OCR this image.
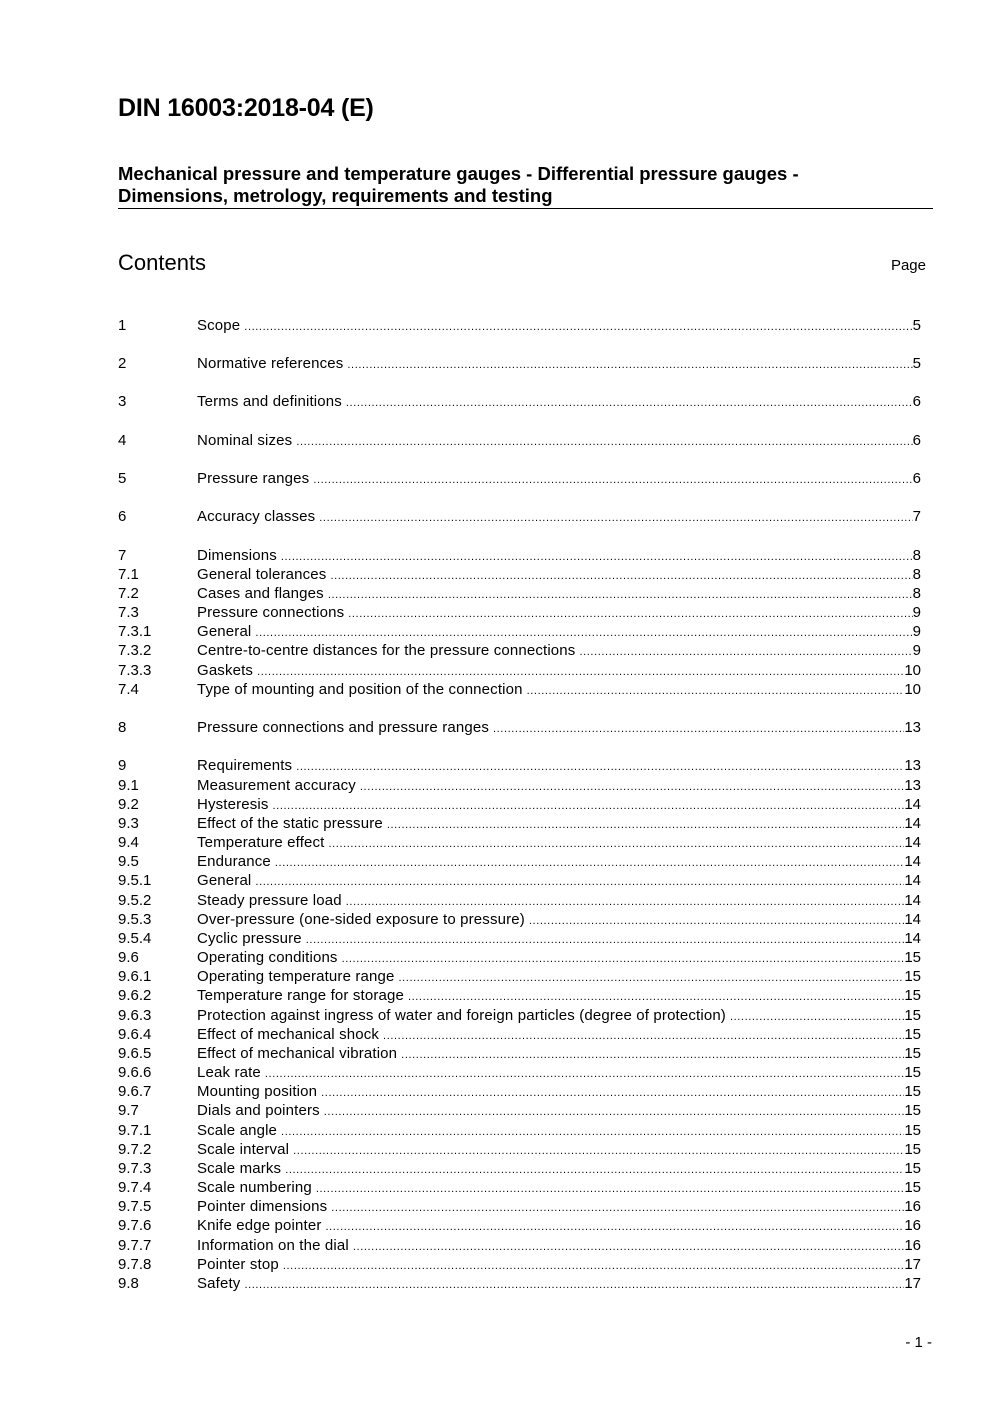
DIN 16003:2018-04 (E)
Mechanical pressure and temperature gauges - Differential pressure gauges -
Dimensions, metrology, requirements and testing
Contents	Page
1	Scope .....	5
2	Normative references .....	5
3	Terms and definitions .....	6
4	Nominal sizes .....	6
5	Pressure ranges .....	6
6	Accuracy classes .....	7
7	Dimensions .....	8
7.1	General tolerances .....	8
7.2	Cases and flanges .....	8
7.3	Pressure connections .....	9
7.3.1	General .....	9
7.3.2	Centre-to-centre distances for the pressure connections .....	9
7.3.3	Gaskets .....	10
7.4	Type of mounting and position of the connection .....	10
8	Pressure connections and pressure ranges .....	13
9	Requirements .....	13
9.1	Measurement accuracy .....	13
9.2	Hysteresis .....	14
9.3	Effect of the static pressure .....	14
9.4	Temperature effect .....	14
9.5	Endurance .....	14
9.5.1	General .....	14
9.5.2	Steady pressure load .....	14
9.5.3	Over-pressure (one-sided exposure to pressure) .....	14
9.5.4	Cyclic pressure .....	14
9.6	Operating conditions .....	15
9.6.1	Operating temperature range .....	15
9.6.2	Temperature range for storage .....	15
9.6.3	Protection against ingress of water and foreign particles (degree of protection) .....	15
9.6.4	Effect of mechanical shock .....	15
9.6.5	Effect of mechanical vibration .....	15
9.6.6	Leak rate .....	15
9.6.7	Mounting position .....	15
9.7	Dials and pointers .....	15
9.7.1	Scale angle .....	15
9.7.2	Scale interval .....	15
9.7.3	Scale marks .....	15
9.7.4	Scale numbering .....	15
9.7.5	Pointer dimensions .....	16
9.7.6	Knife edge pointer .....	16
9.7.7	Information on the dial .....	16
9.7.8	Pointer stop .....	17
9.8	Safety .....	17
- 1 -
